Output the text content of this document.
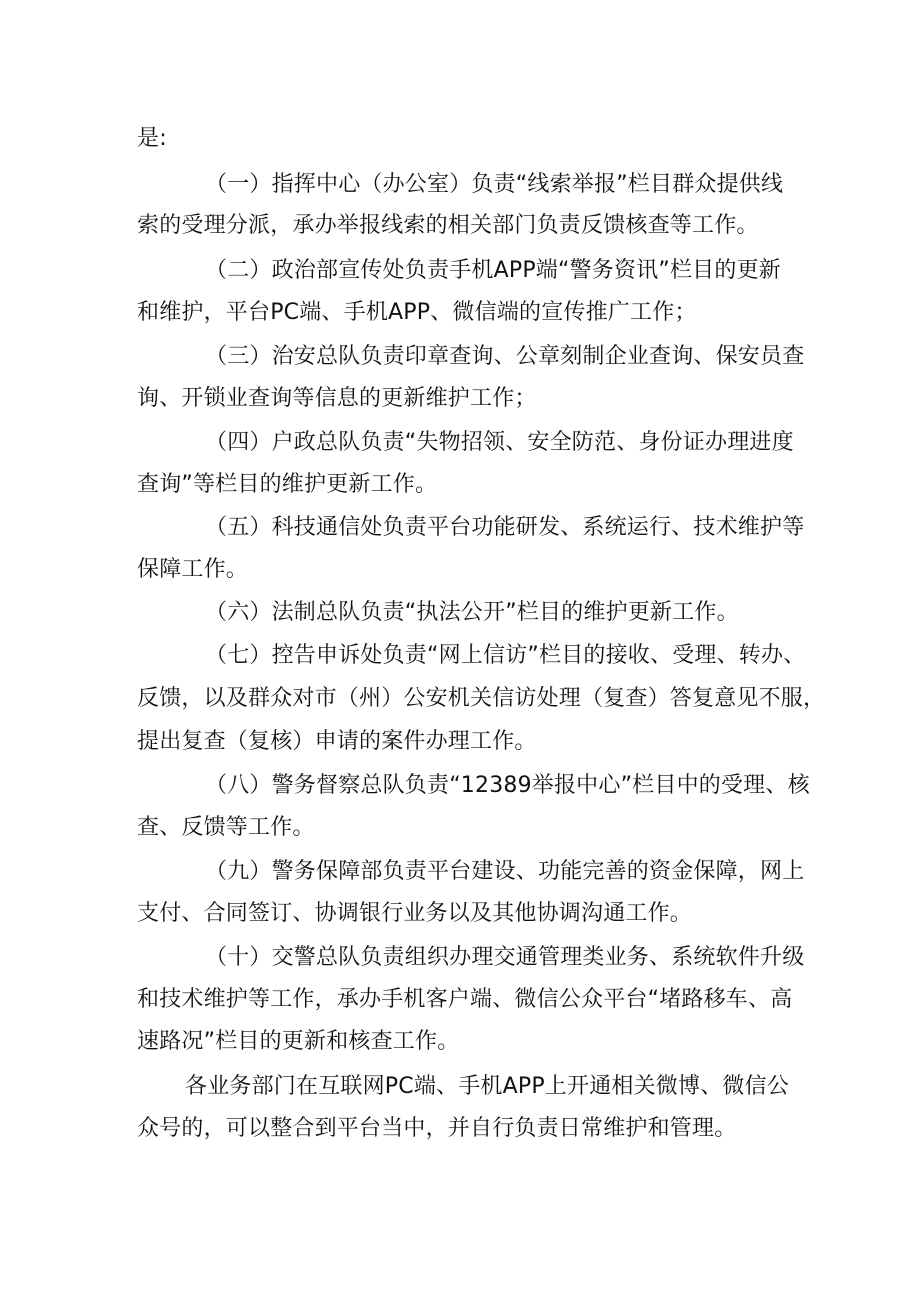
是:

（一）指挥中心（办公室）负责“线索举报”栏目群众提供线

索的受理分派，承办举报线索的相关部门负责反馈核查等工作。

（二）政治部宣传处负责手机APP端“警务资讯”栏目的更新

和维护，平台PC端、手机APP、微信端的宣传推广工作；

（三）治安总队负责印章查询、公章刻制企业查询、保安员查

询、开锁业查询等信息的更新维护工作；

（四）户政总队负责“失物招领、安全防范、身份证办理进度

查询”等栏目的维护更新工作。

（五）科技通信处负责平台功能研发、系统运行、技术维护等

保障工作。

（六）法制总队负责“执法公开”栏目的维护更新工作。

（七）控告申诉处负责“网上信访”栏目的接收、受理、转办、

反馈，以及群众对市（州）公安机关信访处理（复查）答复意见不服，

提出复查（复核）申请的案件办理工作。

（八）警务督察总队负责“12389举报中心”栏目中的受理、核

查、反馈等工作。

（九）警务保障部负责平台建设、功能完善的资金保障，网上

支付、合同签订、协调银行业务以及其他协调沟通工作。

（十）交警总队负责组织办理交通管理类业务、系统软件升级

和技术维护等工作，承办手机客户端、微信公众平台“堵路移车、高

速路况”栏目的更新和核查工作。

各业务部门在互联网PC端、手机APP上开通相关微博、微信公

众号的，可以整合到平台当中，并自行负责日常维护和管理。
